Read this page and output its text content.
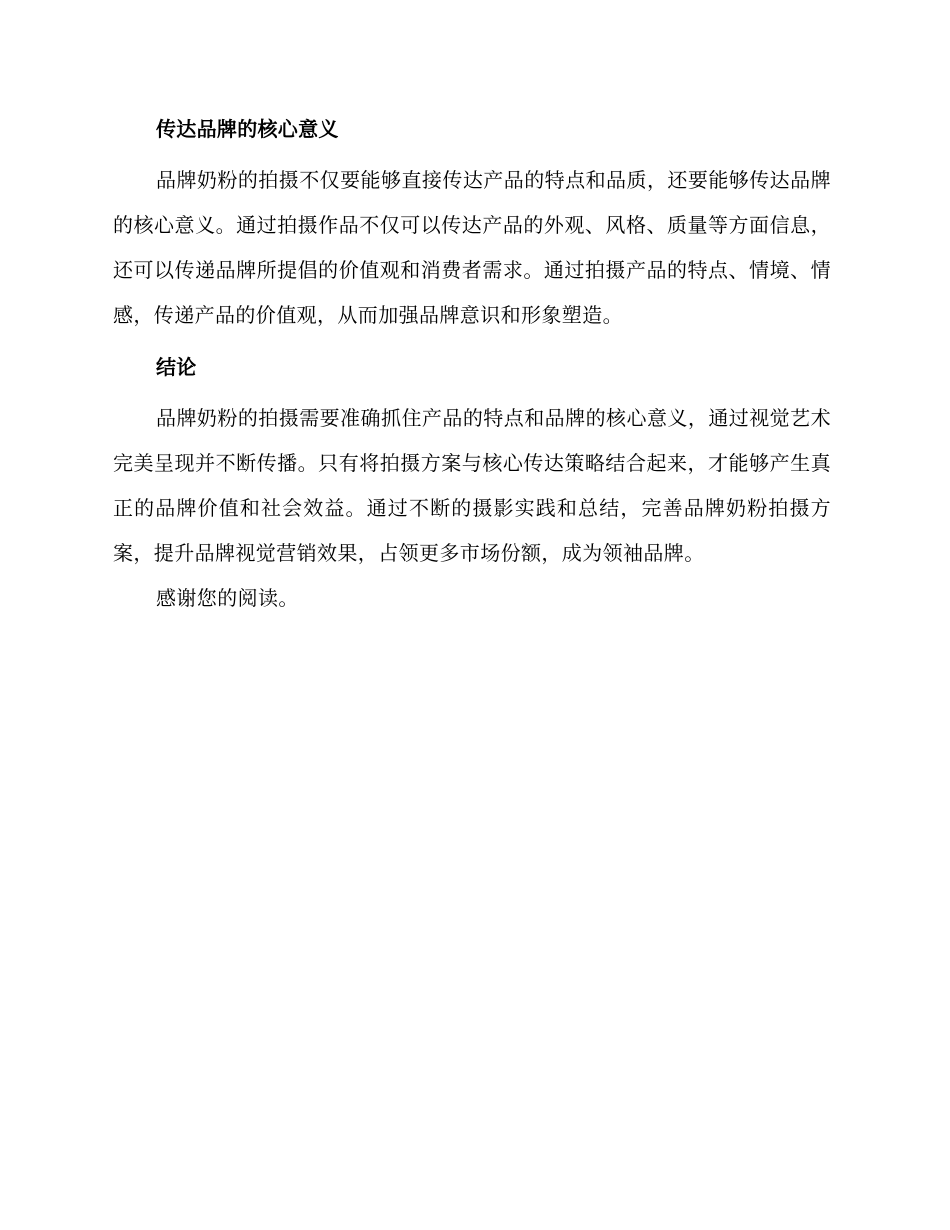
传达品牌的核心意义

品牌奶粉的拍摄不仅要能够直接传达产品的特点和品质，还要能够传达品牌的核心意义。通过拍摄作品不仅可以传达产品的外观、风格、质量等方面信息，还可以传递品牌所提倡的价值观和消费者需求。通过拍摄产品的特点、情境、情感，传递产品的价值观，从而加强品牌意识和形象塑造。

结论

品牌奶粉的拍摄需要准确抓住产品的特点和品牌的核心意义，通过视觉艺术完美呈现并不断传播。只有将拍摄方案与核心传达策略结合起来，才能够产生真正的品牌价值和社会效益。通过不断的摄影实践和总结，完善品牌奶粉拍摄方案，提升品牌视觉营销效果，占领更多市场份额，成为领袖品牌。

感谢您的阅读。
